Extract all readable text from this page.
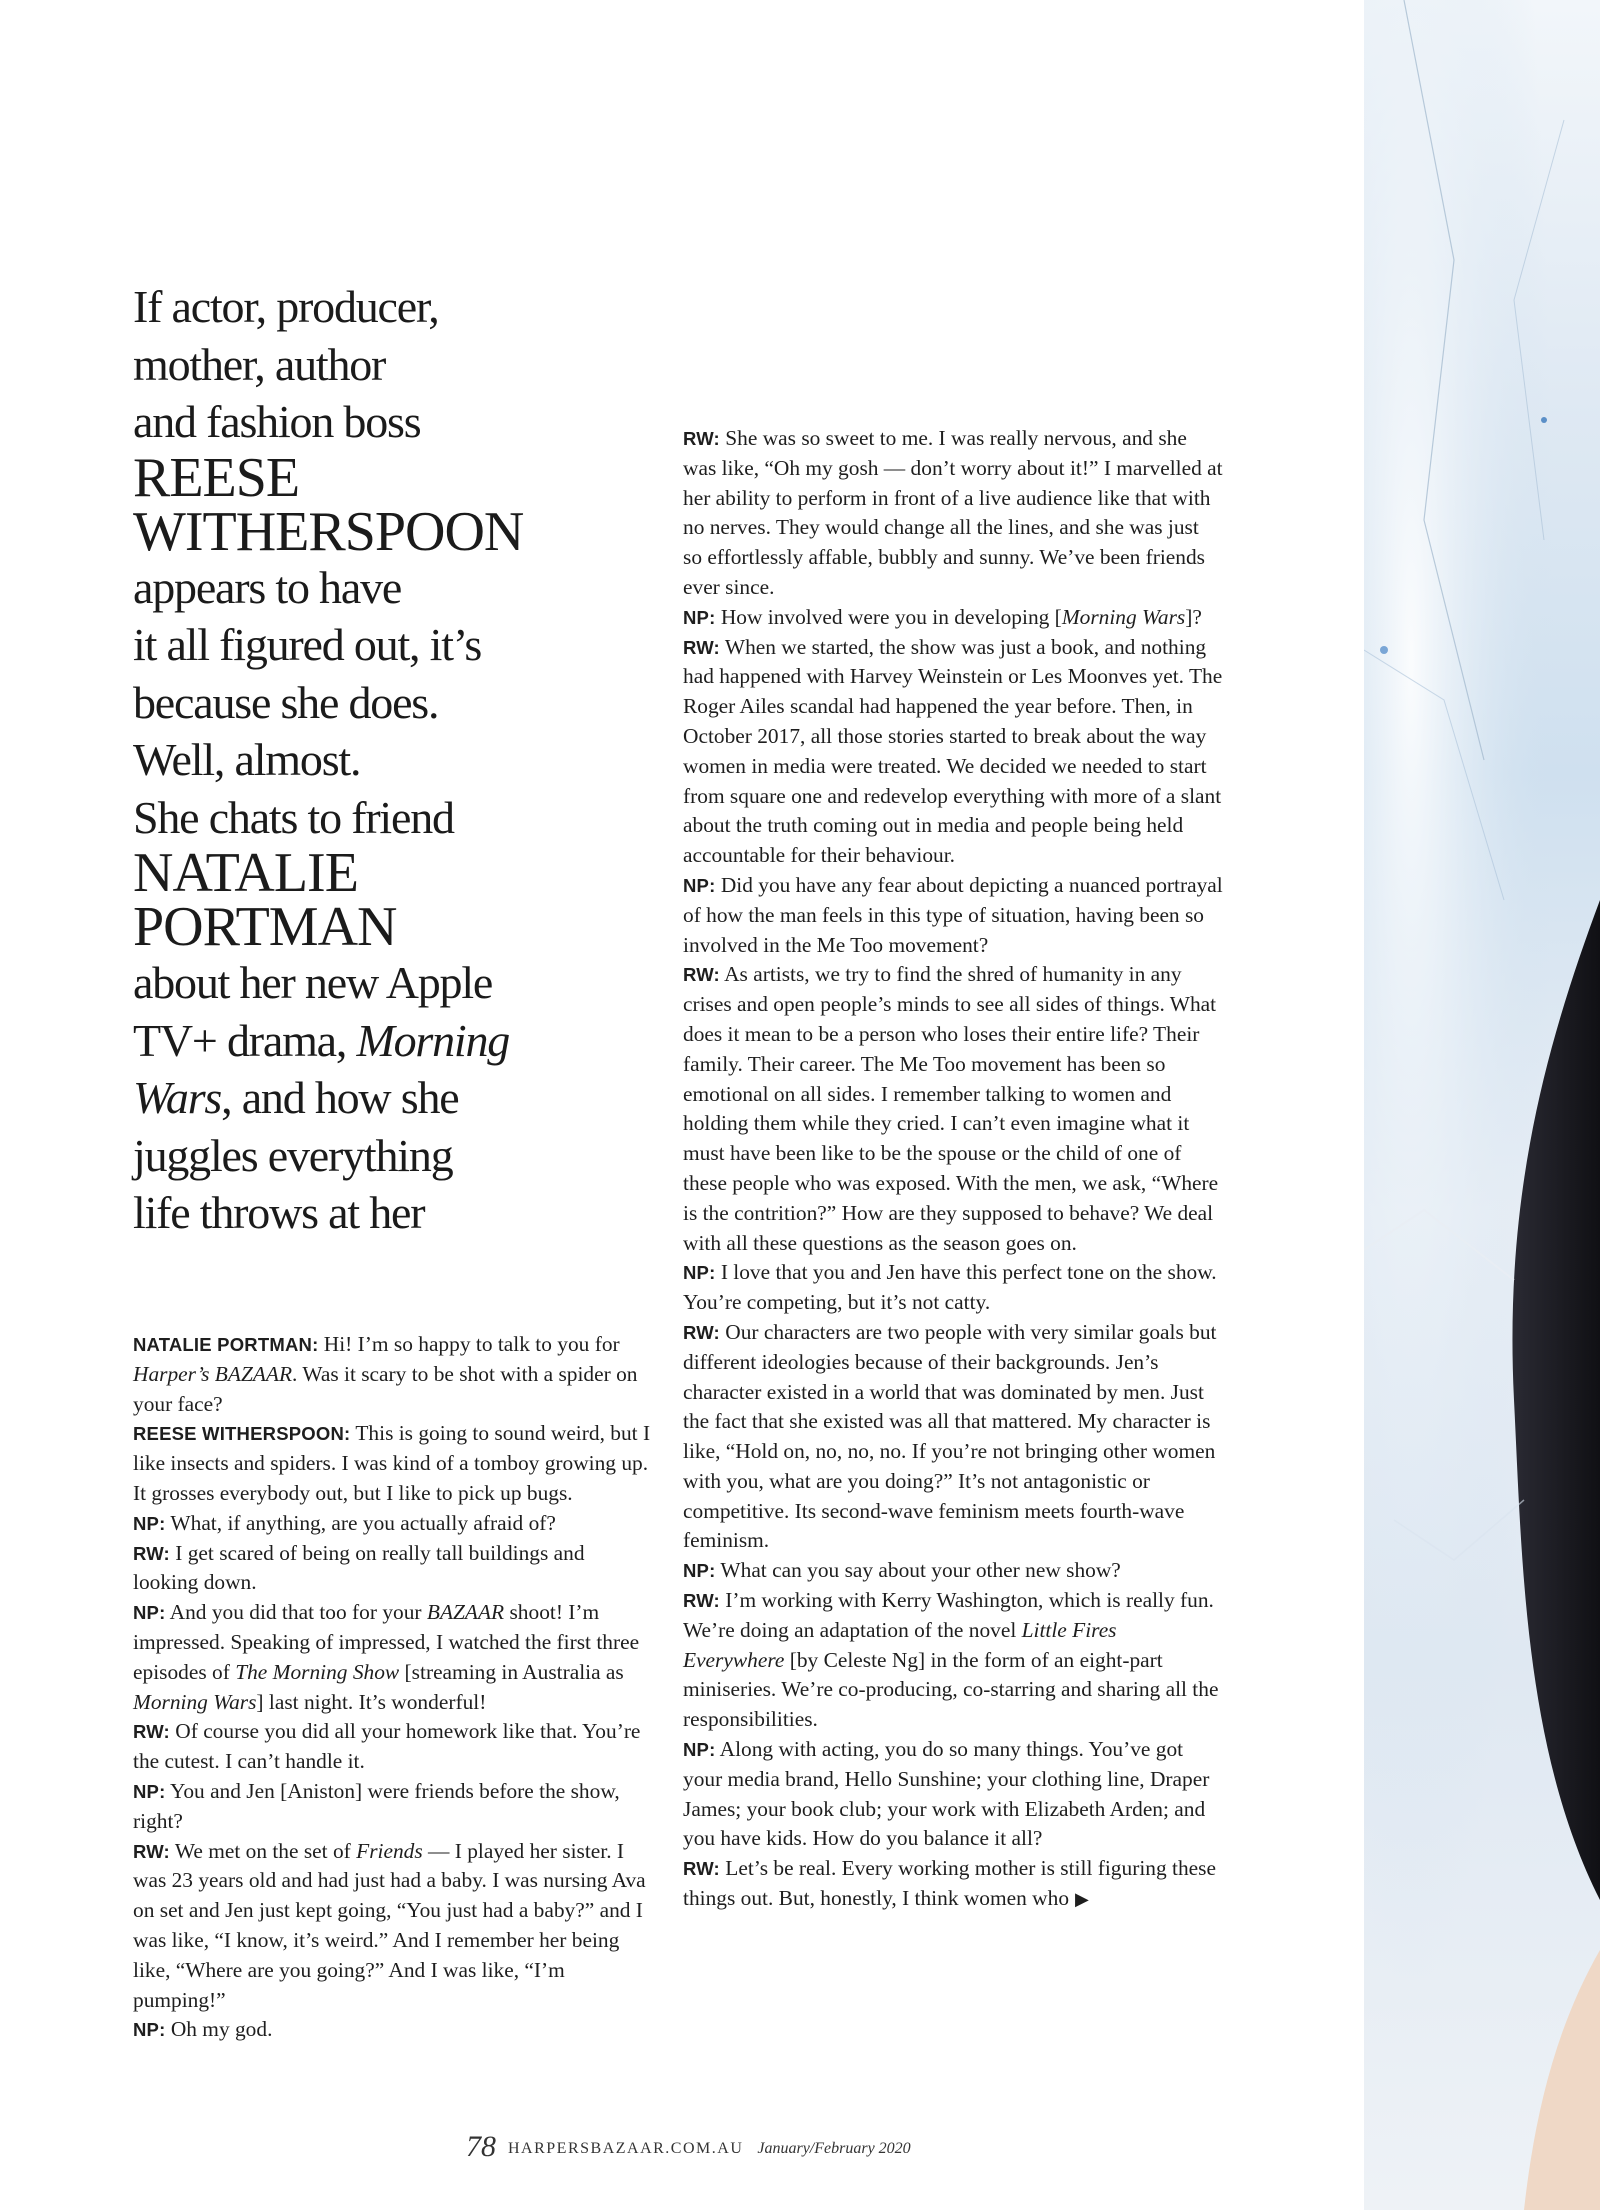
If actor, producer,
mother, author
and fashion boss
REESE
WITHERSPOON
appears to have
it all figured out, it’s
because she does.
Well, almost.
She chats to friend
NATALIE
PORTMAN
about her new Apple
TV+ drama, Morning
Wars, and how she
juggles everything
life throws at her

NATALIE PORTMAN: Hi! I’m so happy to talk to you for Harper’s BAZAAR. Was it scary to be shot with a spider on your face?

REESE WITHERSPOON: This is going to sound weird, but I like insects and spiders. I was kind of a tomboy growing up. It grosses everybody out, but I like to pick up bugs.

NP: What, if anything, are you actually afraid of?

RW: I get scared of being on really tall buildings and looking down.

NP: And you did that too for your BAZAAR shoot! I’m impressed. Speaking of impressed, I watched the first three episodes of The Morning Show [streaming in Australia as Morning Wars] last night. It’s wonderful!

RW: Of course you did all your homework like that. You’re the cutest. I can’t handle it.

NP: You and Jen [Aniston] were friends before the show, right?

RW: We met on the set of Friends — I played her sister. I was 23 years old and had just had a baby. I was nursing Ava on set and Jen just kept going, “You just had a baby?” and I was like, “I know, it’s weird.” And I remember her being like, “Where are you going?” And I was like, “I’m pumping!”

NP: Oh my god.

RW: She was so sweet to me. I was really nervous, and she was like, “Oh my gosh — don’t worry about it!” I marvelled at her ability to perform in front of a live audience like that with no nerves. They would change all the lines, and she was just so effortlessly affable, bubbly and sunny. We’ve been friends ever since.

NP: How involved were you in developing [Morning Wars]?

RW: When we started, the show was just a book, and nothing had happened with Harvey Weinstein or Les Moonves yet. The Roger Ailes scandal had happened the year before. Then, in October 2017, all those stories started to break about the way women in media were treated. We decided we needed to start from square one and redevelop everything with more of a slant about the truth coming out in media and people being held accountable for their behaviour.

NP: Did you have any fear about depicting a nuanced portrayal of how the man feels in this type of situation, having been so involved in the Me Too movement?

RW: As artists, we try to find the shred of humanity in any crises and open people’s minds to see all sides of things. What does it mean to be a person who loses their entire life? Their family. Their career. The Me Too movement has been so emotional on all sides. I remember talking to women and holding them while they cried. I can’t even imagine what it must have been like to be the spouse or the child of one of these people who was exposed. With the men, we ask, “Where is the contrition?” How are they supposed to behave? We deal with all these questions as the season goes on.

NP: I love that you and Jen have this perfect tone on the show. You’re competing, but it’s not catty.

RW: Our characters are two people with very similar goals but different ideologies because of their backgrounds. Jen’s character existed in a world that was dominated by men. Just the fact that she existed was all that mattered. My character is like, “Hold on, no, no, no. If you’re not bringing other women with you, what are you doing?” It’s not antagonistic or competitive. Its second-wave feminism meets fourth-wave feminism.

NP: What can you say about your other new show?

RW: I’m working with Kerry Washington, which is really fun. We’re doing an adaptation of the novel Little Fires Everywhere [by Celeste Ng] in the form of an eight-part miniseries. We’re co-producing, co-starring and sharing all the responsibilities.

NP: Along with acting, you do so many things. You’ve got your media brand, Hello Sunshine; your clothing line, Draper James; your book club; your work with Elizabeth Arden; and you have kids. How do you balance it all?

RW: Let’s be real. Every working mother is still figuring these things out. But, honestly, I think women who ▶

78 HARPERSBAZAAR.COM.AU January/February 2020
